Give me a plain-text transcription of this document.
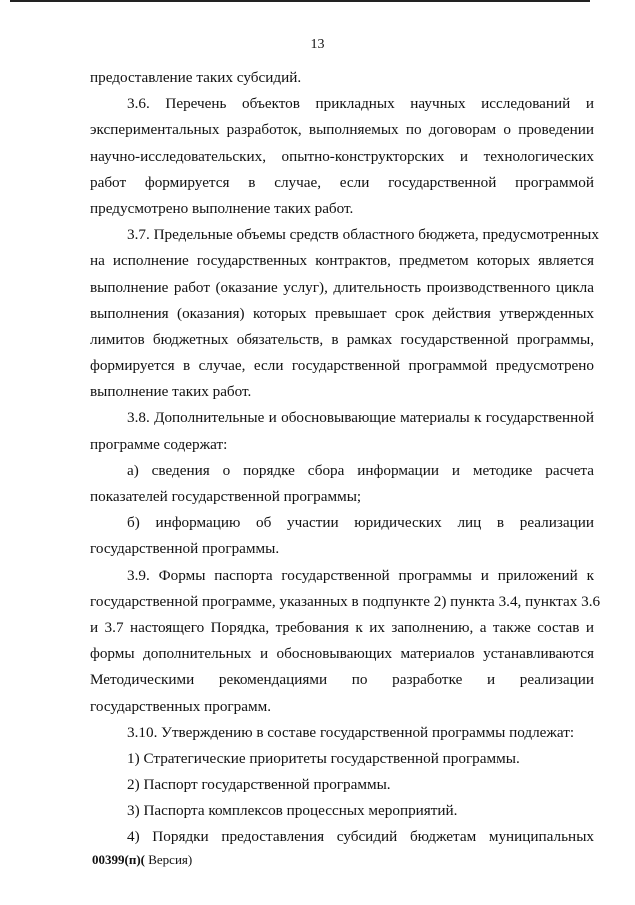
13
предоставление таких субсидий.
3.6. Перечень объектов прикладных научных исследований и
экспериментальных разработок, выполняемых по договорам о проведении
научно-исследовательских, опытно-конструкторских и технологических
работ формируется в случае, если государственной программой
предусмотрено выполнение таких работ.
3.7. Предельные объемы средств областного бюджета, предусмотренных
на исполнение государственных контрактов, предметом которых является
выполнение работ (оказание услуг), длительность производственного цикла
выполнения (оказания) которых превышает срок действия утвержденных
лимитов бюджетных обязательств, в рамках государственной программы,
формируется в случае, если государственной программой предусмотрено
выполнение таких работ.
3.8. Дополнительные и обосновывающие материалы к государственной
программе содержат:
а) сведения о порядке сбора информации и методике расчета
показателей государственной программы;
б) информацию об участии юридических лиц в реализации
государственной программы.
3.9. Формы паспорта государственной программы и приложений к
государственной программе, указанных в подпункте 2) пункта 3.4, пунктах 3.6
и 3.7 настоящего Порядка, требования к их заполнению, а также состав и
формы дополнительных и обосновывающих материалов устанавливаются
Методическими рекомендациями по разработке и реализации
государственных программ.
3.10. Утверждению в составе государственной программы подлежат:
1) Стратегические приоритеты государственной программы.
2) Паспорт государственной программы.
3) Паспорта комплексов процессных мероприятий.
4) Порядки предоставления субсидий бюджетам муниципальных
00399(п)( Версия)
